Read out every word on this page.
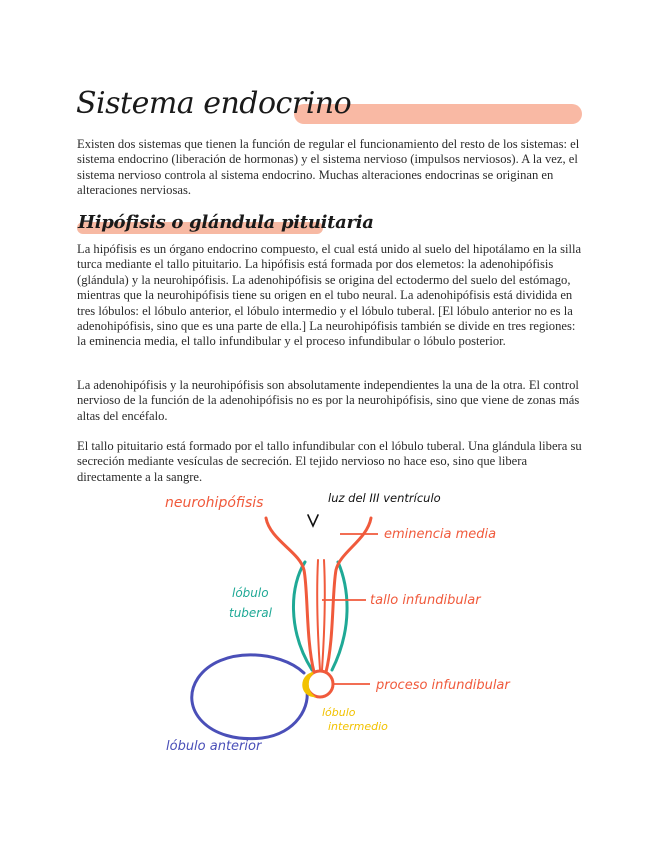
Sistema endocrino

Existen dos sistemas que tienen la función de regular el funcionamiento del resto de los sistemas: el sistema endocrino (liberación de hormonas) y el sistema nervioso (impulsos nerviosos). A la vez, el sistema nervioso controla al sistema endocrino. Muchas alteraciones endocrinas se originan en alteraciones nerviosas.

Hipófisis o glándula pituitaria

La hipófisis es un órgano endocrino compuesto, el cual está unido al suelo del hipotálamo en la silla turca mediante el tallo pituitario. La hipófisis está formada por dos elemetos: la adenohipófisis (glándula) y la neurohipófisis. La adenohipófisis se origina del ectodermo del suelo del estómago, mientras que la neurohipófisis tiene su origen en el tubo neural. La adenohipófisis está dividida en tres lóbulos: el lóbulo anterior, el lóbulo intermedio y el lóbulo tuberal. [El lóbulo anterior no es la adenohipófisis, sino que es una parte de ella.] La neurohipófisis también se divide en tres regiones: la eminencia media, el tallo infundibular y el proceso infundibular o lóbulo posterior.

La adenohipófisis y la neurohipófisis son absolutamente independientes la una de la otra. El control nervioso de la función de la adenohipófisis no es por la neurohipófisis, sino que viene de zonas más altas del encéfalo.

El tallo pituitario está formado por el tallo infundibular con el lóbulo tuberal. Una glándula libera su secreción mediante vesículas de secreción. El tejido nervioso no hace eso, sino que libera directamente a la sangre.

neurohipófisis	luz del III ventrículo
eminencia media
lóbulo
tuberal
tallo infundibular
proceso infundibular
lóbulo
intermedio
lóbulo anterior
